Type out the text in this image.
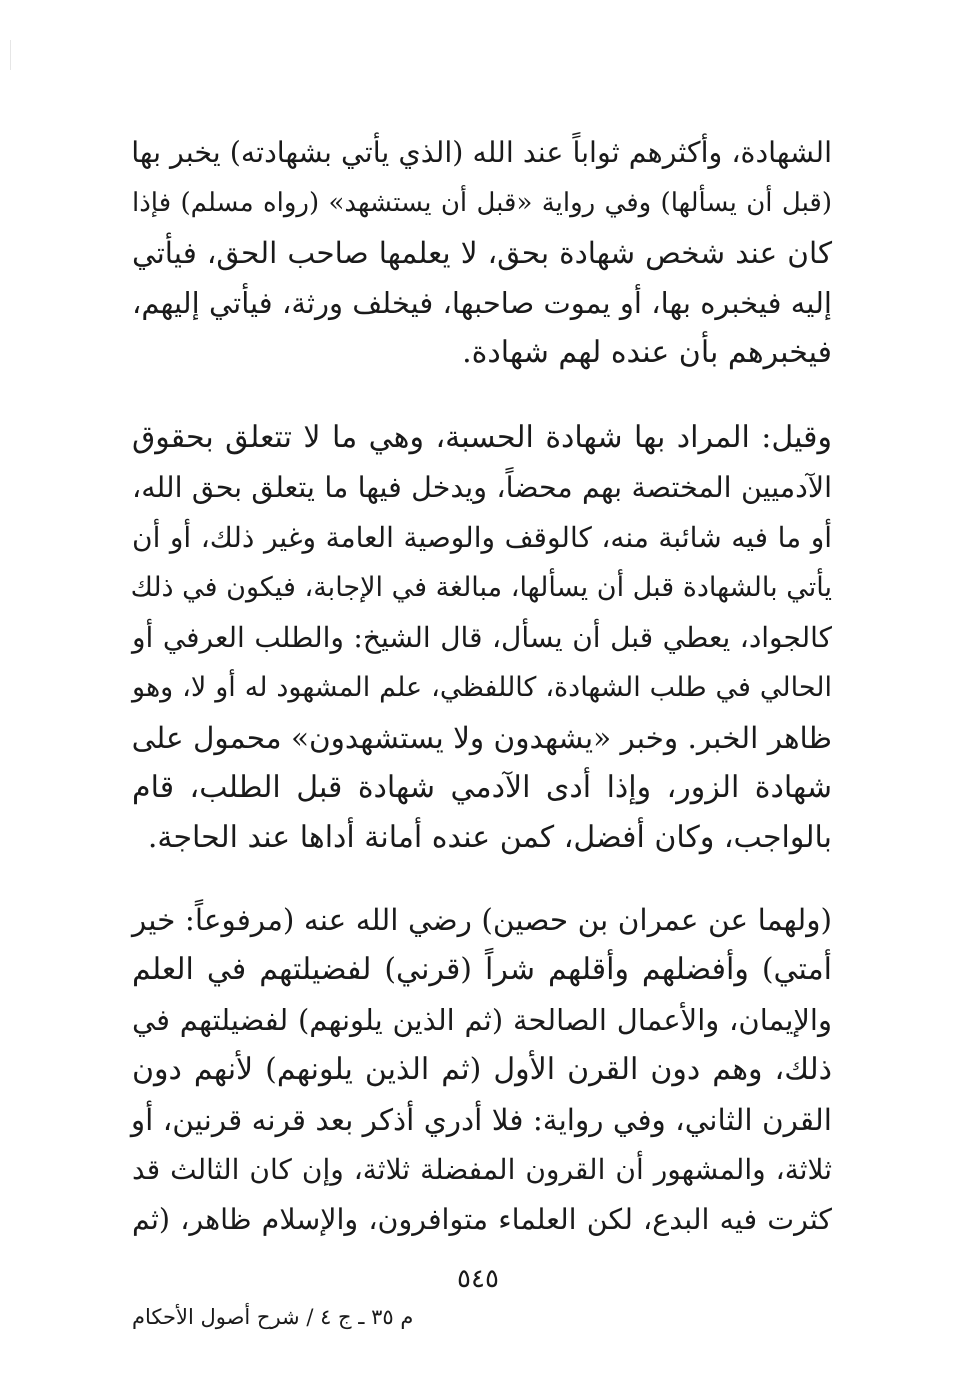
الشهادة، وأكثرهم ثواباً عند الله (الذي يأتي بشهادته) يخبر بها
(قبل أن يسألها) وفي رواية «قبل أن يستشهد» (رواه مسلم) فإذا
كان عند شخص شهادة بحق، لا يعلمها صاحب الحق، فيأتي
إليه فيخبره بها، أو يموت صاحبها، فيخلف ورثة، فيأتي إليهم،
فيخبرهم بأن عنده لهم شهادة.
وقيل: المراد بها شهادة الحسبة، وهي ما لا تتعلق بحقوق
الآدميين المختصة بهم محضاً، ويدخل فيها ما يتعلق بحق الله،
أو ما فيه شائبة منه، كالوقف والوصية العامة وغير ذلك، أو أن
يأتي بالشهادة قبل أن يسألها، مبالغة في الإجابة، فيكون في ذلك
كالجواد، يعطي قبل أن يسأل، قال الشيخ: والطلب العرفي أو
الحالي في طلب الشهادة، كاللفظي، علم المشهود له أو لا، وهو
ظاهر الخبر. وخبر «يشهدون ولا يستشهدون» محمول على
شهادة الزور، وإذا أدى الآدمي شهادة قبل الطلب، قام
بالواجب، وكان أفضل، كمن عنده أمانة أداها عند الحاجة.
(ولهما عن عمران بن حصين) رضي الله عنه (مرفوعاً: خير
أمتي) وأفضلهم وأقلهم شراً (قرني) لفضيلتهم في العلم
والإيمان، والأعمال الصالحة (ثم الذين يلونهم) لفضيلتهم في
ذلك، وهم دون القرن الأول (ثم الذين يلونهم) لأنهم دون
القرن الثاني، وفي رواية: فلا أدري أذكر بعد قرنه قرنين، أو
ثلاثة، والمشهور أن القرون المفضلة ثلاثة، وإن كان الثالث قد
كثرت فيه البدع، لكن العلماء متوافرون، والإسلام ظاهر، (ثم
٥٤٥
م ٣٥ ـ ج ٤ / شرح أصول الأحكام
